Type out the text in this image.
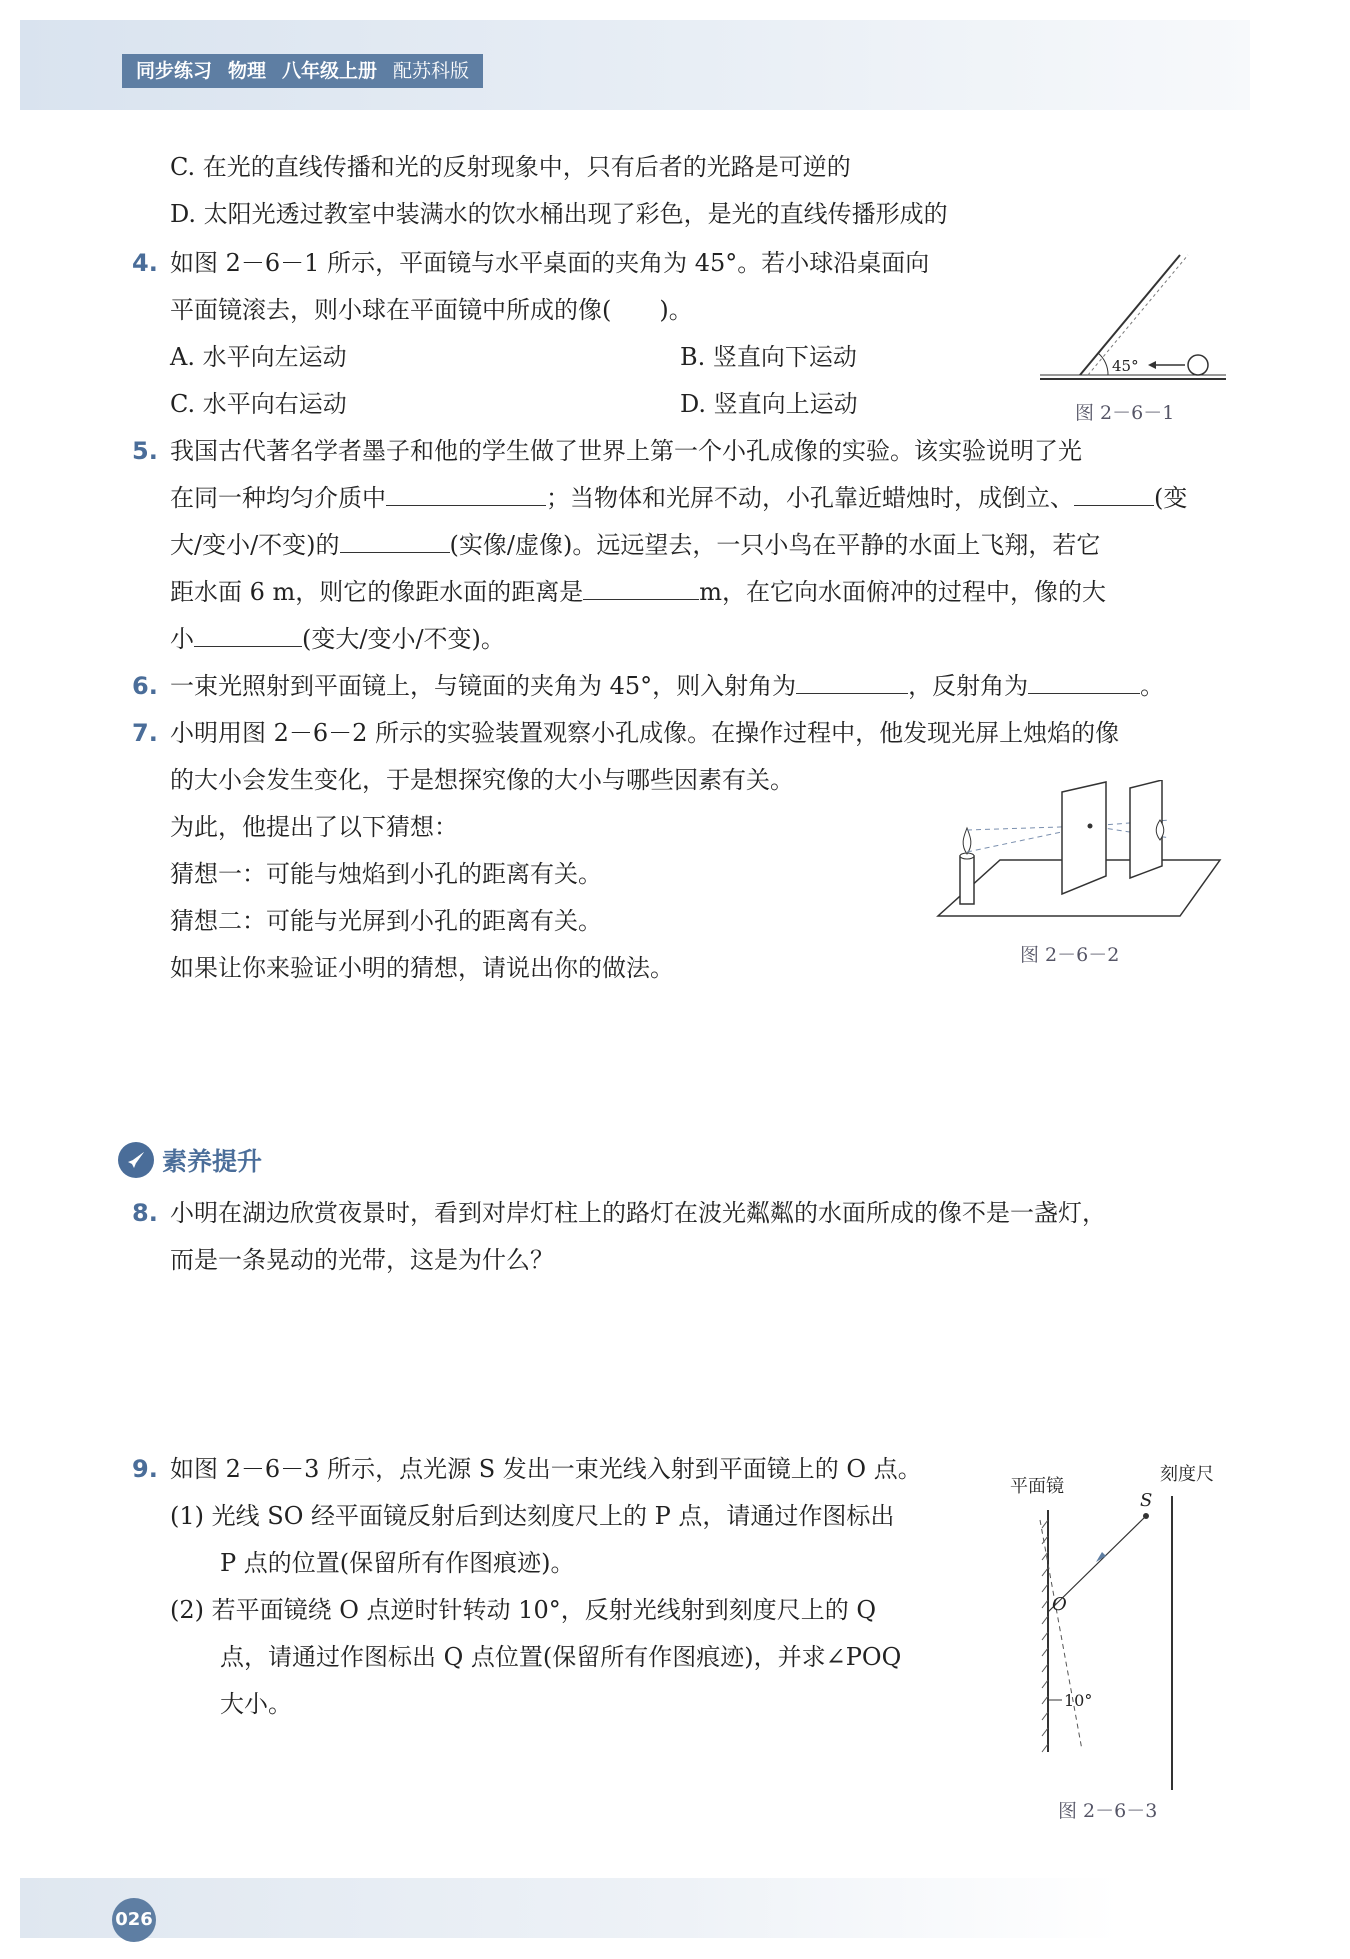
同步练习 物理 八年级上册 配苏科版
C. 在光的直线传播和光的反射现象中，只有后者的光路是可逆的
D. 太阳光透过教室中装满水的饮水桶出现了彩色，是光的直线传播形成的
4. 如图 2－6－1 所示，平面镜与水平桌面的夹角为 45°。若小球沿桌面向
平面镜滚去，则小球在平面镜中所成的像(　　)。
A. 水平向左运动	B. 竖直向下运动
C. 水平向右运动	D. 竖直向上运动
45°
图 2－6－1
5. 我国古代著名学者墨子和他的学生做了世界上第一个小孔成像的实验。该实验说明了光
在同一种均匀介质中	；当物体和光屏不动，小孔靠近蜡烛时，成倒立、	(变
大/变小/不变)的	(实像/虚像)。远远望去，一只小鸟在平静的水面上飞翔，若它
距水面 6 m，则它的像距水面的距离是	m，在它向水面俯冲的过程中，像的大
小	(变大/变小/不变)。
6. 一束光照射到平面镜上，与镜面的夹角为 45°，则入射角为	，反射角为	。
7. 小明用图 2－6－2 所示的实验装置观察小孔成像。在操作过程中，他发现光屏上烛焰的像
的大小会发生变化，于是想探究像的大小与哪些因素有关。
为此，他提出了以下猜想：
猜想一：可能与烛焰到小孔的距离有关。
猜想二：可能与光屏到小孔的距离有关。
如果让你来验证小明的猜想，请说出你的做法。	图 2－6－2
素养提升
8. 小明在湖边欣赏夜景时，看到对岸灯柱上的路灯在波光粼粼的水面所成的像不是一盏灯，
而是一条晃动的光带，这是为什么？
9. 如图 2－6－3 所示，点光源 S 发出一束光线入射到平面镜上的 O 点。
(1) 光线 SO 经平面镜反射后到达刻度尺上的 P 点，请通过作图标出
P 点的位置(保留所有作图痕迹)。
(2) 若平面镜绕 O 点逆时针转动 10°，反射光线射到刻度尺上的 Q
点，请通过作图标出 Q 点位置(保留所有作图痕迹)，并求∠POQ
大小。
平面镜
刻度尺
10°
S
O
图 2－6－3
026
